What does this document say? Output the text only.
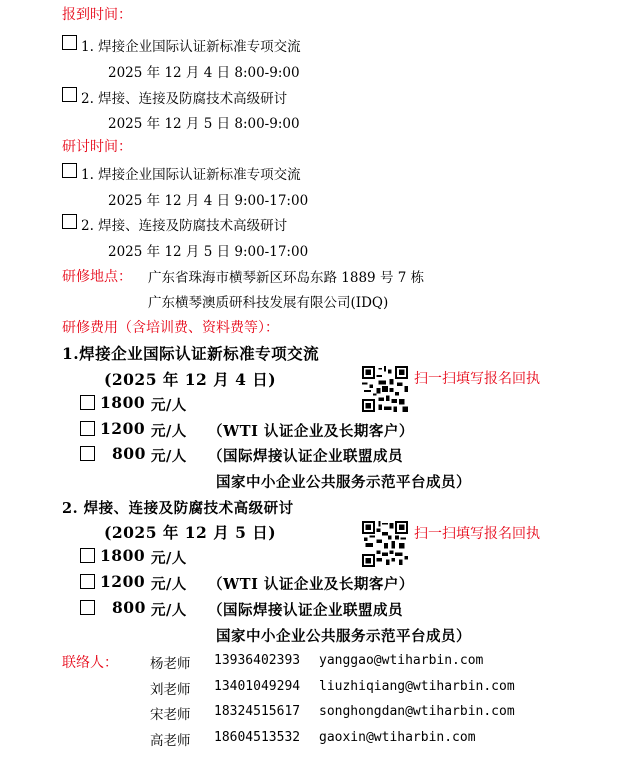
报到时间：
1. 焊接企业国际认证新标准专项交流
2025 年 12 月 4 日 8:00-9:00
2. 焊接、连接及防腐技术高级研讨
2025 年 12 月 5 日 8:00-9:00
研讨时间：
1. 焊接企业国际认证新标准专项交流
2025 年 12 月 4 日 9:00-17:00
2. 焊接、连接及防腐技术高级研讨
2025 年 12 月 5 日 9:00-17:00
研修地点： 广东省珠海市横琴新区环岛东路 1889 号 7 栋
广东横琴澳质研科技发展有限公司(IDQ)
研修费用（含培训费、资料费等）：
1.焊接企业国际认证新标准专项交流
(2025 年 12 月 4 日)	扫一扫填写报名回执
1800 元/人
1200 元/人 （WTI 认证企业及长期客户）
800 元/人 （国际焊接认证企业联盟成员
国家中小企业公共服务示范平台成员）
2. 焊接、连接及防腐技术高级研讨
(2025 年 12 月 5 日)	扫一扫填写报名回执
1800 元/人
1200 元/人 （WTI 认证企业及长期客户）
800 元/人 （国际焊接认证企业联盟成员
国家中小企业公共服务示范平台成员）
联络人： 杨老师 13936402393 yanggao@wtiharbin.com
刘老师 13401049294 liuzhiqiang@wtiharbin.com
宋老师 18324515617 songhongdan@wtiharbin.com
高老师 18604513532 gaoxin@wtiharbin.com
